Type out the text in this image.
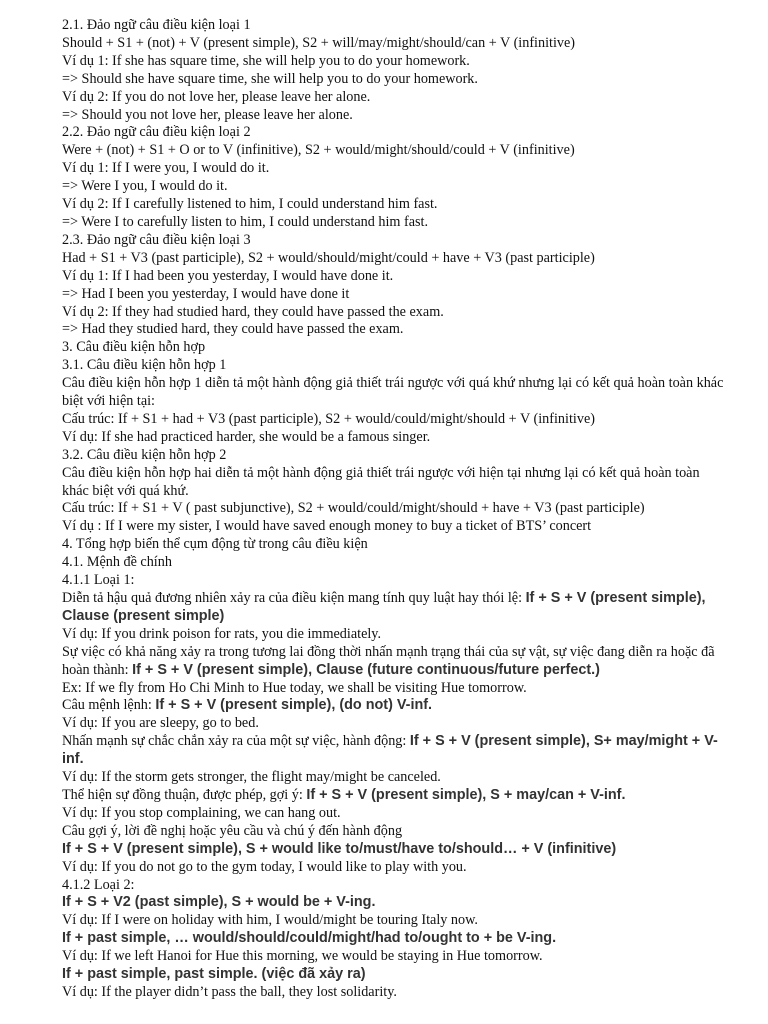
2.1. Đảo ngữ câu điều kiện loại 1
Should + S1 + (not) + V (present simple), S2 + will/may/might/should/can + V (infinitive)
Ví dụ 1: If she has square time, she will help you to do your homework.
=> Should she have square time, she will help you to do your homework.
Ví dụ 2: If you do not love her, please leave her alone.
=> Should you not love her, please leave her alone.
2.2. Đảo ngữ câu điều kiện loại 2
Were + (not) + S1 + O or to V (infinitive), S2 + would/might/should/could + V (infinitive)
Ví dụ 1: If I were you, I would do it.
=> Were I you, I would do it.
Ví dụ 2: If I carefully listened to him, I could understand him fast.
=> Were I to carefully listen to him, I could understand him fast.
2.3. Đảo ngữ câu điều kiện loại 3
Had + S1 + V3 (past participle), S2 + would/should/might/could + have + V3 (past participle)
Ví dụ 1: If I had been you yesterday, I would have done it.
=> Had I been you yesterday, I would have done it
Ví dụ 2: If they had studied hard, they could have passed the exam.
=> Had they studied hard, they could have passed the exam.
3. Câu điều kiện hỗn hợp
3.1. Câu điều kiện hỗn hợp 1
Câu điều kiện hỗn hợp 1 diễn tả một hành động giả thiết trái ngược với quá khứ nhưng lại có kết quả hoàn toàn khác biệt với hiện tại:
Cấu trúc: If + S1 + had + V3 (past participle), S2 + would/could/might/should + V (infinitive)
Ví dụ: If she had practiced harder, she would be a famous singer.
3.2. Câu điều kiện hỗn hợp 2
Câu điều kiện hỗn hợp hai diễn tả một hành động giả thiết trái ngược với hiện tại nhưng lại có kết quả hoàn toàn khác biệt với quá khứ.
Cấu trúc: If + S1 + V ( past subjunctive), S2 + would/could/might/should + have + V3 (past participle)
Ví dụ : If I were my sister, I would have saved enough money to buy a ticket of BTS’ concert
4. Tổng hợp biến thể cụm động từ trong câu điều kiện
4.1. Mệnh đề chính
4.1.1 Loại 1:
Diễn tả hậu quả đương nhiên xảy ra của điều kiện mang tính quy luật hay thói lệ: If + S + V (present simple), Clause (present simple)
Ví dụ: If you drink poison for rats, you die immediately.
Sự việc có khả năng xảy ra trong tương lai đồng thời nhấn mạnh trạng thái của sự vật, sự việc đang diễn ra hoặc đã hoàn thành: If + S + V (present simple), Clause (future continuous/future perfect.)
Ex: If we fly from Ho Chi Minh to Hue today, we shall be visiting Hue tomorrow.
Câu mệnh lệnh: If + S + V (present simple), (do not) V-inf.
Ví dụ: If you are sleepy, go to bed.
Nhấn mạnh sự chắc chắn xảy ra của một sự việc, hành động: If + S + V (present simple), S+ may/might + V-inf.
Ví dụ: If the storm gets stronger, the flight may/might be canceled.
Thể hiện sự đồng thuận, được phép, gợi ý: If + S + V (present simple), S + may/can + V-inf.
Ví dụ: If you stop complaining, we can hang out.
Câu gợi ý, lời đề nghị hoặc yêu cầu và chú ý đến hành động
If + S + V (present simple), S + would like to/must/have to/should… + V (infinitive)
Ví dụ: If you do not go to the gym today, I would like to play with you.
4.1.2 Loại 2:
If + S + V2 (past simple), S + would be + V-ing.
Ví dụ: If I were on holiday with him, I would/might be touring Italy now.
If + past simple, … would/should/could/might/had to/ought to + be V-ing.
Ví dụ: If we left Hanoi for Hue this morning, we would be staying in Hue tomorrow.
If + past simple, past simple. (việc đã xảy ra)
Ví dụ: If the player didn’t pass the ball, they lost solidarity.
